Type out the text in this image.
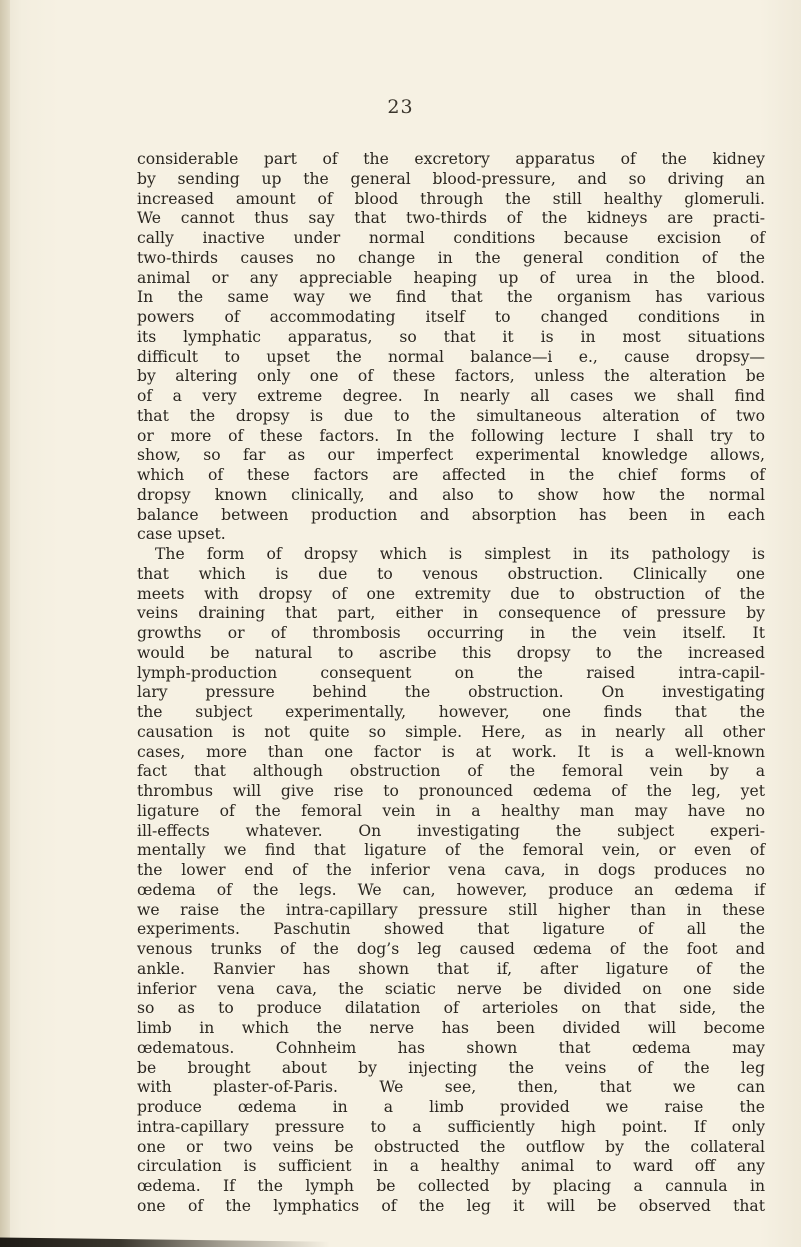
23
considerable part of the excretory apparatus of the kidney
by sending up the general blood-pressure, and so driving an
increased amount of blood through the still healthy glomeruli.
We cannot thus say that two-thirds of the kidneys are practi-
cally inactive under normal conditions because excision of
two-thirds causes no change in the general condition of the
animal or any appreciable heaping up of urea in the blood.
In the same way we find that the organism has various
powers of accommodating itself to changed conditions in
its lymphatic apparatus, so that it is in most situations
difficult to upset the normal balance—i e., cause dropsy—
by altering only one of these factors, unless the alteration be
of a very extreme degree. In nearly all cases we shall find
that the dropsy is due to the simultaneous alteration of two
or more of these factors. In the following lecture I shall try to
show, so far as our imperfect experimental knowledge allows,
which of these factors are affected in the chief forms of
dropsy known clinically, and also to show how the normal
balance between production and absorption has been in each
case upset.
The form of dropsy which is simplest in its pathology is
that which is due to venous obstruction. Clinically one
meets with dropsy of one extremity due to obstruction of the
veins draining that part, either in consequence of pressure by
growths or of thrombosis occurring in the vein itself. It
would be natural to ascribe this dropsy to the increased
lymph-production consequent on the raised intra-capil-
lary pressure behind the obstruction. On investigating
the subject experimentally, however, one finds that the
causation is not quite so simple. Here, as in nearly all other
cases, more than one factor is at work. It is a well-known
fact that although obstruction of the femoral vein by a
thrombus will give rise to pronounced œdema of the leg, yet
ligature of the femoral vein in a healthy man may have no
ill-effects whatever. On investigating the subject experi-
mentally we find that ligature of the femoral vein, or even of
the lower end of the inferior vena cava, in dogs produces no
œdema of the legs. We can, however, produce an œdema if
we raise the intra-capillary pressure still higher than in these
experiments. Paschutin showed that ligature of all the
venous trunks of the dog’s leg caused œdema of the foot and
ankle. Ranvier has shown that if, after ligature of the
inferior vena cava, the sciatic nerve be divided on one side
so as to produce dilatation of arterioles on that side, the
limb in which the nerve has been divided will become
œdematous. Cohnheim has shown that œdema may
be brought about by injecting the veins of the leg
with plaster-of-Paris. We see, then, that we can
produce œdema in a limb provided we raise the
intra-capillary pressure to a sufficiently high point. If only
one or two veins be obstructed the outflow by the collateral
circulation is sufficient in a healthy animal to ward off any
œdema. If the lymph be collected by placing a cannula in
one of the lymphatics of the leg it will be observed that
